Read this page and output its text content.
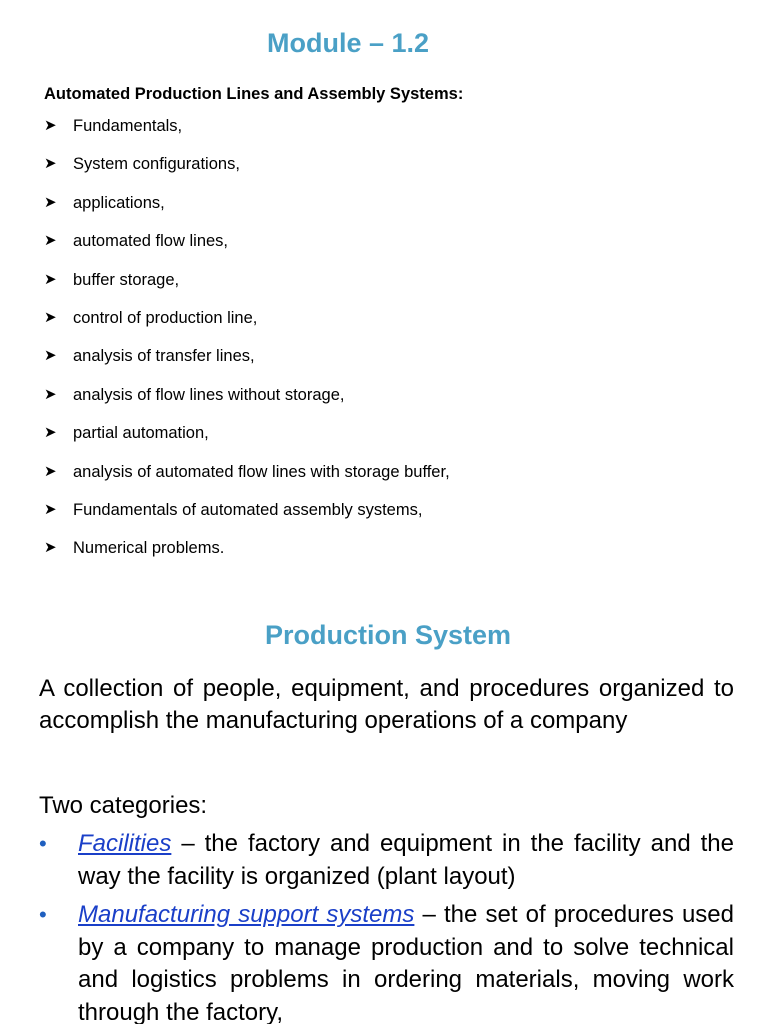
Module – 1.2
Automated Production Lines and Assembly Systems:
➤ Fundamentals,
➤ System configurations,
➤ applications,
➤ automated flow lines,
➤ buffer storage,
➤ control of production line,
➤ analysis of transfer lines,
➤ analysis of flow lines without storage,
➤ partial automation,
➤ analysis of automated flow lines with storage buffer,
➤ Fundamentals of automated assembly systems,
➤ Numerical problems.
Production System
A collection of people, equipment, and procedures organized to accomplish the manufacturing operations of a company
Two categories:
• Facilities – the factory and equipment in the facility and the way the facility is organized (plant layout)
• Manufacturing support systems – the set of procedures used by a company to manage production and to solve technical and logistics problems in ordering materials, moving work through the factory,
